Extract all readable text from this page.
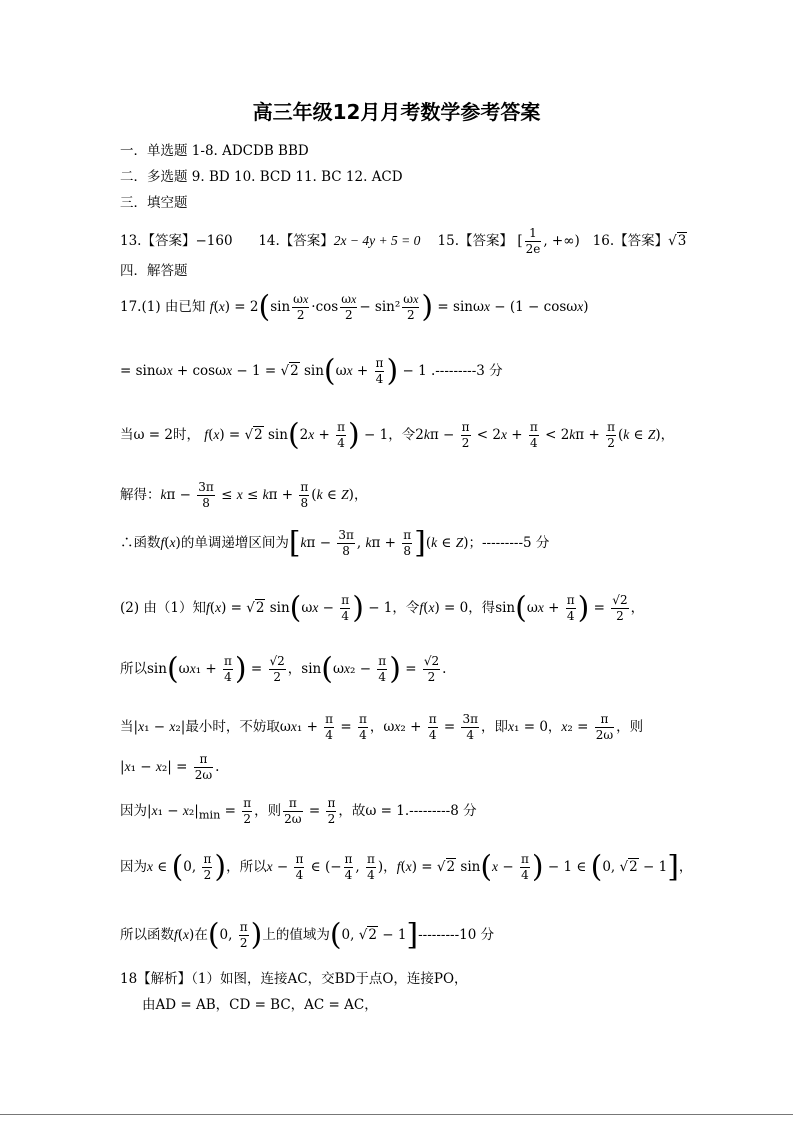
高三年级12月月考数学参考答案
一．单选题 1-8. ADCDB BBD
二．多选题 9. BD 10. BCD 11. BC 12. ACD
三．填空题
13.【答案】−160 14.【答案】2x − 4y + 5 = 0 15.【答案】 [ $\frac{1}{2e}$ , +∞) 16.【答案】√3
四．解答题
17.(1) 由已知 $f(x) = 2(\sin \frac{\omega x}{2} \cdot\cos \frac{\omega x}{2} - \sin^2 \frac{\omega x}{2}$ ) = sinωx − (1 − cosωx)
= sinωx + cosωx − 1 = √2 $\sin(\omega x + \frac{\pi}{4}$ ) − 1 .---------3 分
当ω = 2时， f(x) = √2 $\sin(2x + \frac{\pi}{4}$ ) − 1，令$2k\pi - \frac{\pi}{2} < 2x + \frac{\pi}{4} < 2k\pi + \frac{\pi}{2} (k$ ∈ Z)，
解得：$k\pi - \frac{3\pi}{8} \le x \le k\pi + \frac{\pi}{8} (k$ ∈ Z)，
∴函数f(x)的单调递增区间为[$k\pi - \frac{3\pi}{8}$ , $k\pi + \frac{\pi}{8} ](k$ ∈ Z)；---------5 分
(2) 由（1）知f(x) = √2 $\sin(\omega x - \frac{\pi}{4}$ ) − 1，令f(x) = 0，得$\sin(\omega x + \frac{\pi}{4}$ ) = $\frac{√2}{2}$ ，
所以$\sin(\omega x_1 + \frac{\pi}{4}$ ) = $\frac{√2}{2}$ ，$\sin(\omega x_2 - \frac{\pi}{4}$ ) = $\frac{√2}{2}$ .
当|x₁ − x₂|最小时，不妨取$\omega x_1 + \frac{\pi}{4} = \frac{\pi}{4}$ ，$\omega x_2 + \frac{\pi}{4} = \frac{3\pi}{4}$ ，即x₁ = 0，$x_2 = \frac{\pi}{2\omega}$ ，则
$|x_1 - x_2| = \frac{\pi}{2\omega}$ .
因为$|x_1 - x_2|_{min} = \frac{\pi}{2}$ ，则 $\frac{\pi}{2\omega} = \frac{\pi}{2}$ ，故ω = 1.---------8 分
因为x ∈ (0, $\frac{\pi}{2}$ )，所以$x - \frac{\pi}{4}$ ∈ (− $\frac{\pi}{4}$ , $\frac{\pi}{4}$ )，f(x) = √2 $\sin(x - \frac{\pi}{4}$ ) − 1 ∈ (0, √2 − 1]，
所以函数f(x)在(0, $\frac{\pi}{2}$ )上的值域为(0, √2 − 1]---------10 分
18【解析】（1）如图，连接AC，交BD于点O，连接PO，
由AD = AB，CD = BC，AC = AC，
